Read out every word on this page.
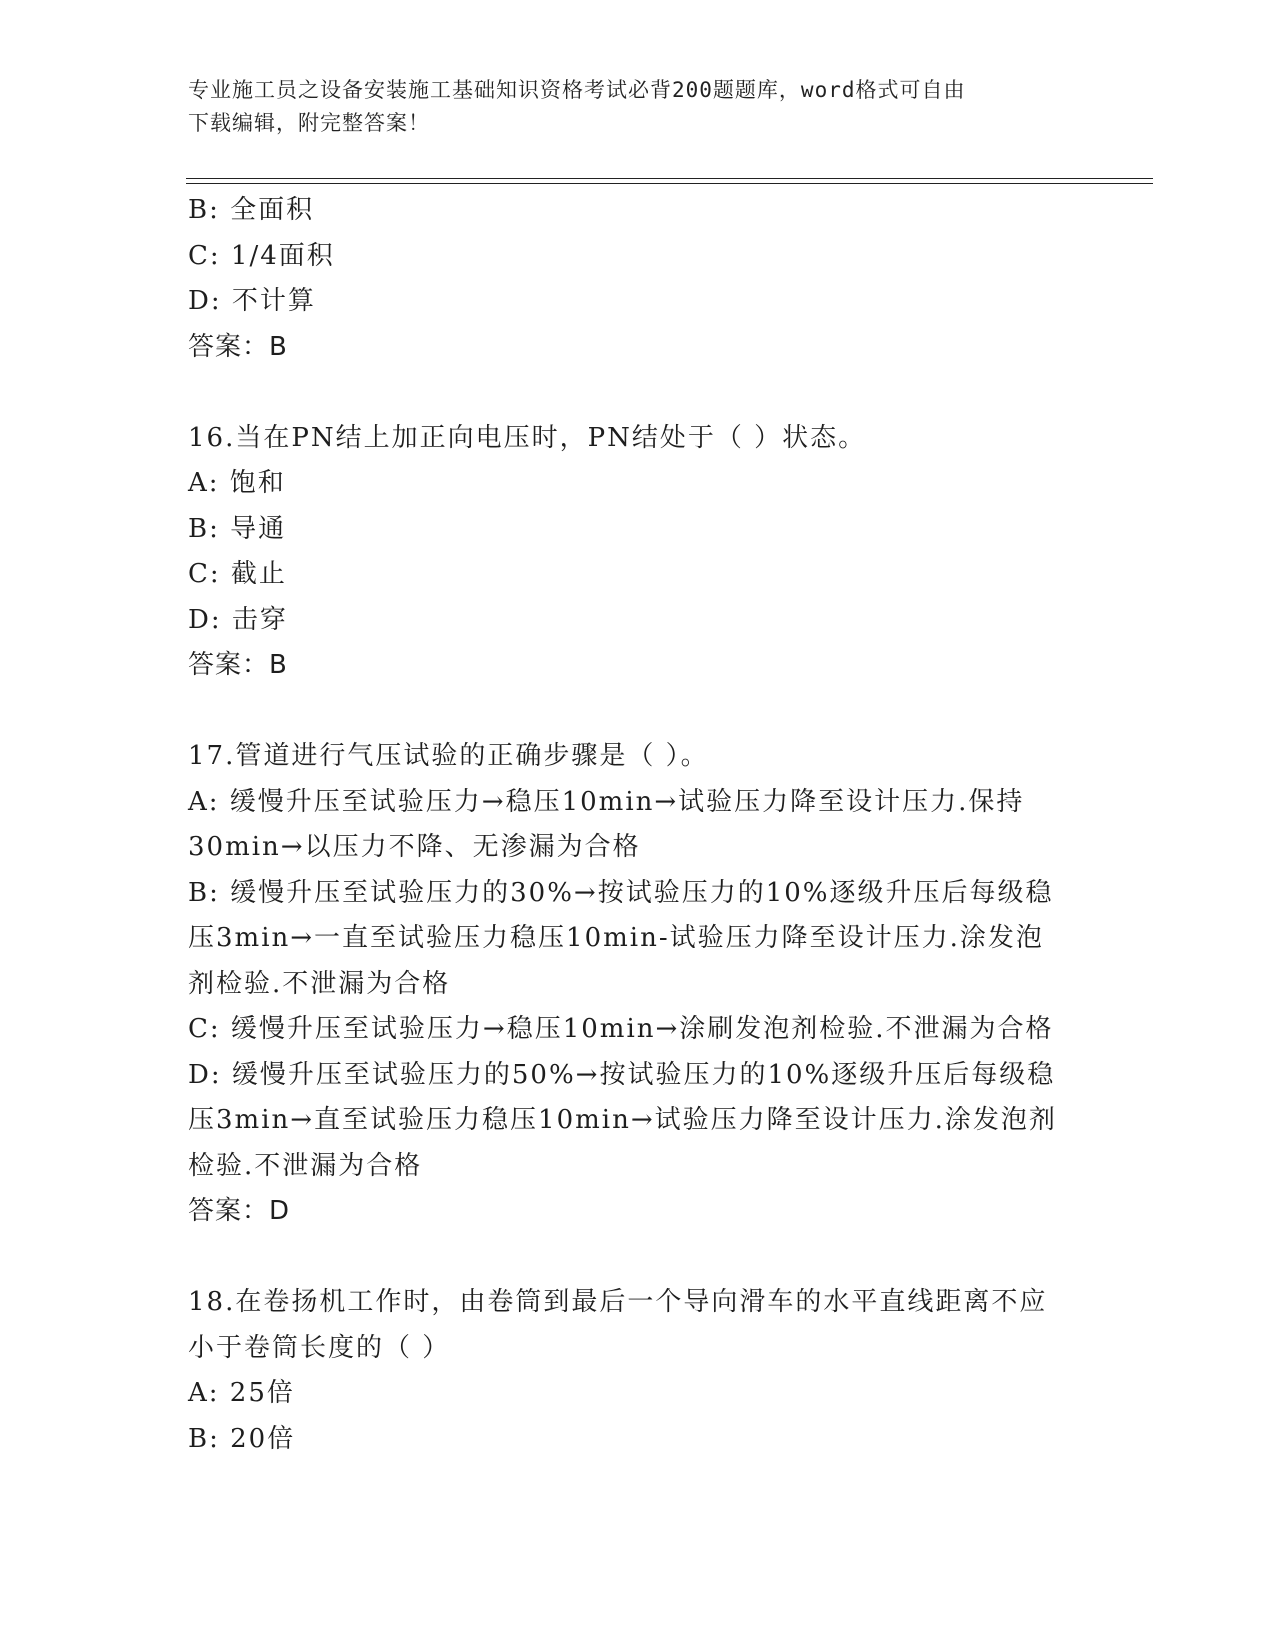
专业施工员之设备安装施工基础知识资格考试必背200题题库，word格式可自由
下载编辑，附完整答案！
B: 全面积
C: 1/4面积
D: 不计算
答案：B
16.当在PN结上加正向电压时，PN结处于（ ）状态。
A: 饱和
B: 导通
C: 截止
D: 击穿
答案：B
17.管道进行气压试验的正确步骤是（ ）。
A: 缓慢升压至试验压力→稳压10min→试验压力降至设计压力.保持
30min→以压力不降、无渗漏为合格
B: 缓慢升压至试验压力的30%→按试验压力的10%逐级升压后每级稳
压3min→一直至试验压力稳压10min-试验压力降至设计压力.涂发泡
剂检验.不泄漏为合格
C: 缓慢升压至试验压力→稳压10min→涂刷发泡剂检验.不泄漏为合格
D: 缓慢升压至试验压力的50%→按试验压力的10%逐级升压后每级稳
压3min→直至试验压力稳压10min→试验压力降至设计压力.涂发泡剂
检验.不泄漏为合格
答案：D
18.在卷扬机工作时，由卷筒到最后一个导向滑车的水平直线距离不应
小于卷筒长度的（ ）
A: 25倍
B: 20倍
